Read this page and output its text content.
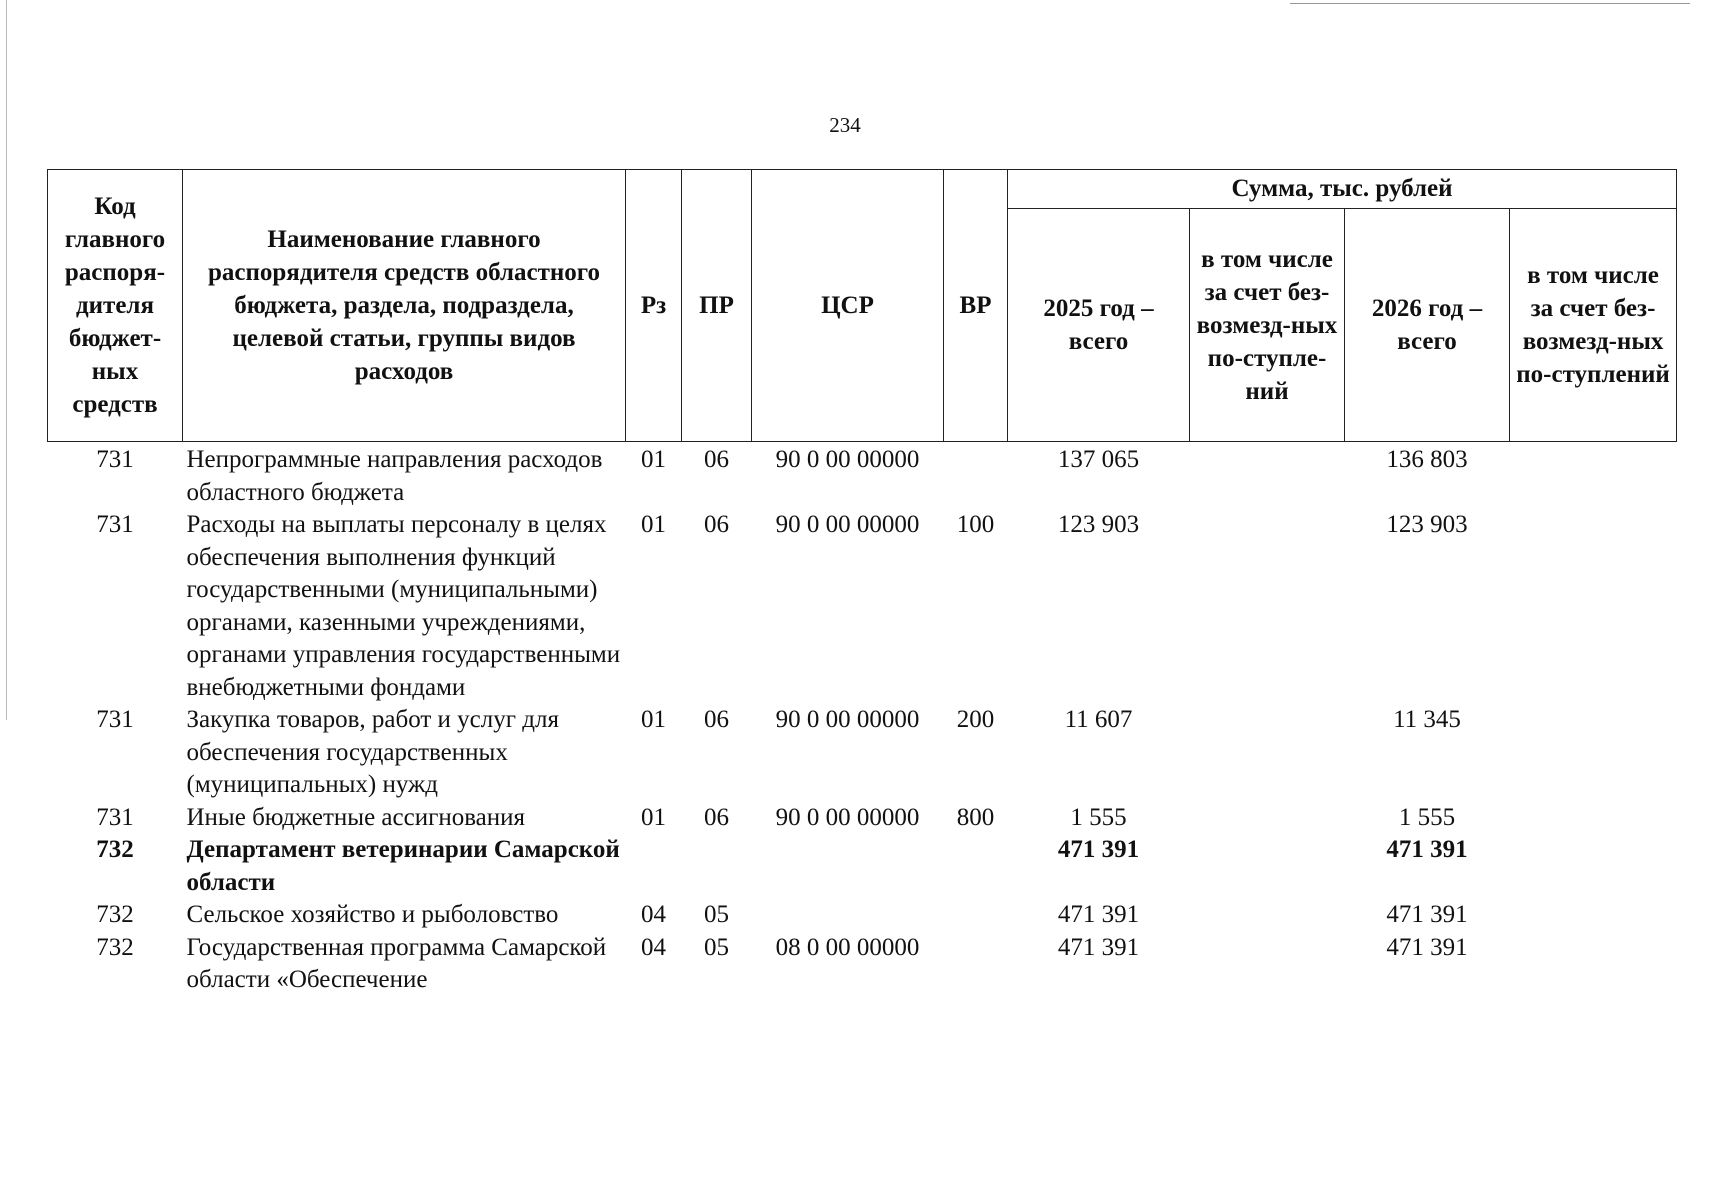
234
Код главного распоря-дителя бюджет-ных средств	Наименование главного распорядителя средств областного бюджета, раздела, подраздела, целевой статьи, группы видов расходов	Рз	ПР	ЦСР	ВР	Сумма, тыс. рублей			
						2025 год – всего	в том числе за счет без-возмезд-ных по-ступле-ний	2026 год – всего	в том числе за счет без-возмезд-ных по-ступлений
731	Непрограммные направления расходов областного бюджета	01	06	90 0 00 00000		137 065		136 803	
731	Расходы на выплаты персоналу в целях обеспечения выполнения функций государственными (муниципальными) органами, казенными учреждениями, органами управления государственными внебюджетными фондами	01	06	90 0 00 00000	100	123 903		123 903	
731	Закупка товаров, работ и услуг для обеспечения государственных (муниципальных) нужд	01	06	90 0 00 00000	200	11 607		11 345	
731	Иные бюджетные ассигнования	01	06	90 0 00 00000	800	1 555		1 555	
732	Департамент ветеринарии Самарской области					471 391		471 391	
732	Сельское хозяйство и рыболовство	04	05			471 391		471 391	
732	Государственная программа Самарской области «Обеспечение	04	05	08 0 00 00000		471 391		471 391	
